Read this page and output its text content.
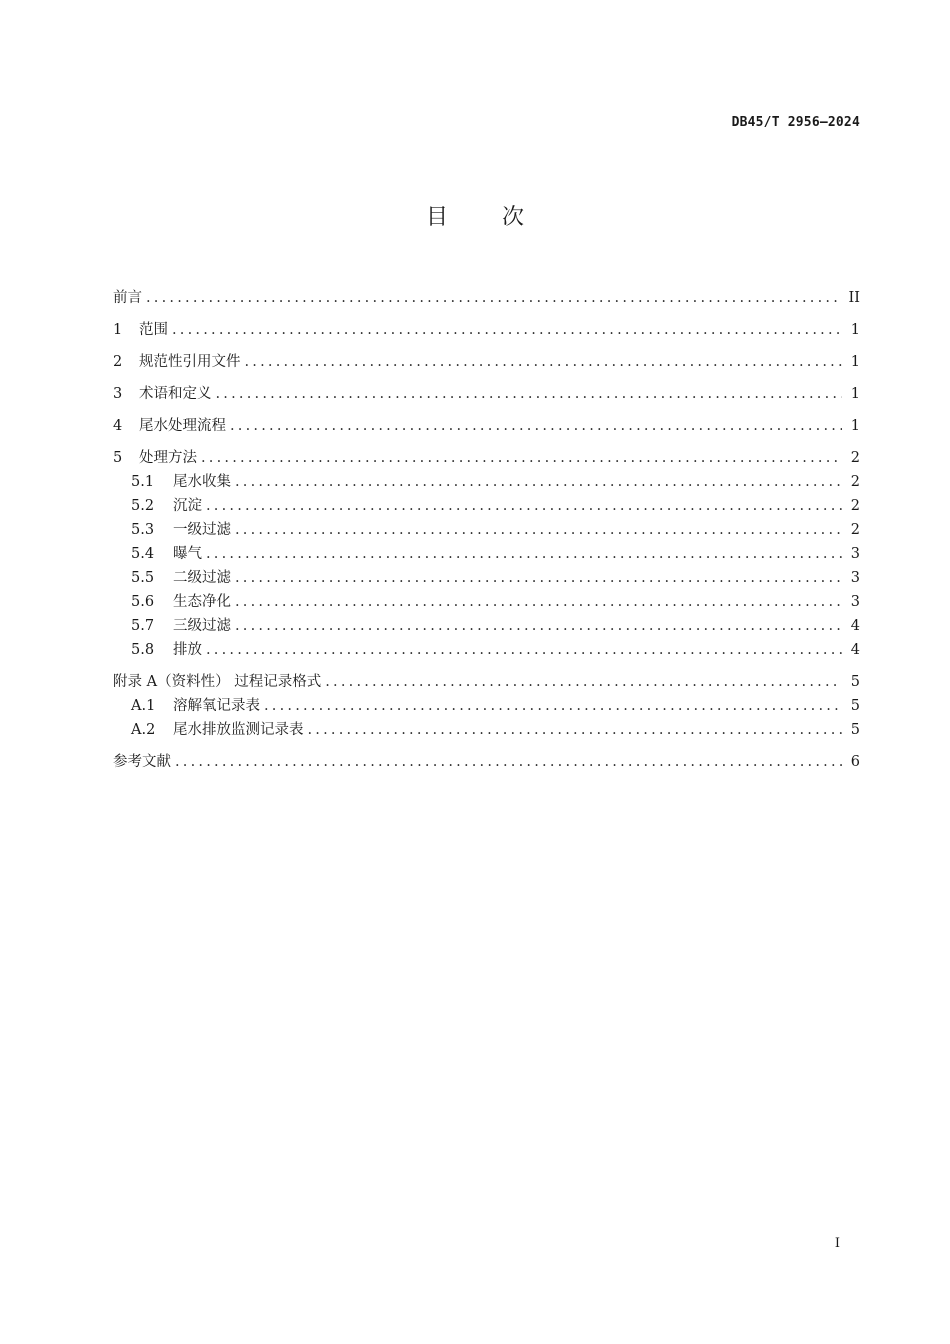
DB45/T 2956—2024
目 次
前言 .....	II
1	范围 .....	1
2	规范性引用文件 .....	1
3	术语和定义 .....	1
4	尾水处理流程 .....	1
5	处理方法 .....	2
5.1	尾水收集 .....	2
5.2	沉淀 .....	2
5.3	一级过滤 .....	2
5.4	曝气 .....	3
5.5	二级过滤 .....	3
5.6	生态净化 .....	3
5.7	三级过滤 .....	4
5.8	排放 .....	4
附录 A（资料性） 过程记录格式 .....	5
A.1	溶解氧记录表 .....	5
A.2	尾水排放监测记录表 .....	5
参考文献 .....	6
I
